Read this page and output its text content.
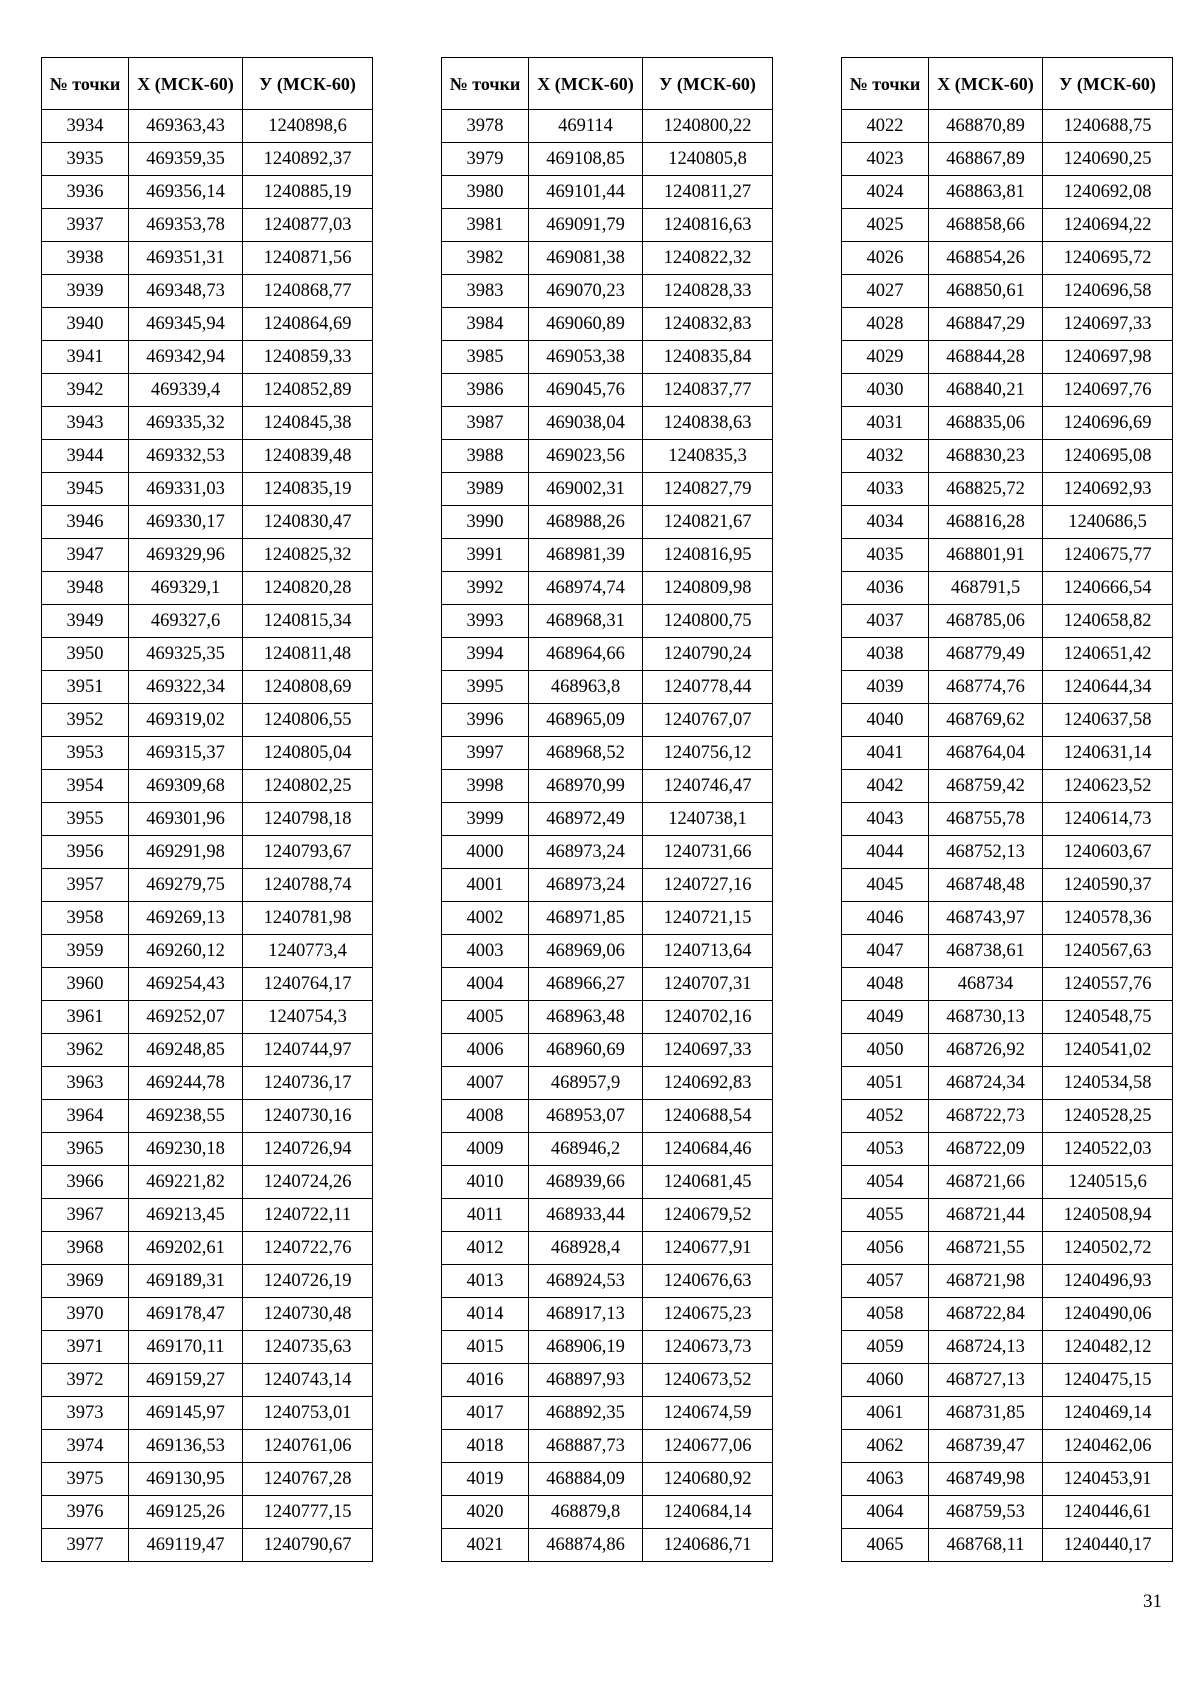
№ точки	X (МСК-60)	У (МСК-60)
3934	469363,43	1240898,6
3935	469359,35	1240892,37
3936	469356,14	1240885,19
3937	469353,78	1240877,03
3938	469351,31	1240871,56
3939	469348,73	1240868,77
3940	469345,94	1240864,69
3941	469342,94	1240859,33
3942	469339,4	1240852,89
3943	469335,32	1240845,38
3944	469332,53	1240839,48
3945	469331,03	1240835,19
3946	469330,17	1240830,47
3947	469329,96	1240825,32
3948	469329,1	1240820,28
3949	469327,6	1240815,34
3950	469325,35	1240811,48
3951	469322,34	1240808,69
3952	469319,02	1240806,55
3953	469315,37	1240805,04
3954	469309,68	1240802,25
3955	469301,96	1240798,18
3956	469291,98	1240793,67
3957	469279,75	1240788,74
3958	469269,13	1240781,98
3959	469260,12	1240773,4
3960	469254,43	1240764,17
3961	469252,07	1240754,3
3962	469248,85	1240744,97
3963	469244,78	1240736,17
3964	469238,55	1240730,16
3965	469230,18	1240726,94
3966	469221,82	1240724,26
3967	469213,45	1240722,11
3968	469202,61	1240722,76
3969	469189,31	1240726,19
3970	469178,47	1240730,48
3971	469170,11	1240735,63
3972	469159,27	1240743,14
3973	469145,97	1240753,01
3974	469136,53	1240761,06
3975	469130,95	1240767,28
3976	469125,26	1240777,15
3977	469119,47	1240790,67
№ точки	X (МСК-60)	У (МСК-60)
3978	469114	1240800,22
3979	469108,85	1240805,8
3980	469101,44	1240811,27
3981	469091,79	1240816,63
3982	469081,38	1240822,32
3983	469070,23	1240828,33
3984	469060,89	1240832,83
3985	469053,38	1240835,84
3986	469045,76	1240837,77
3987	469038,04	1240838,63
3988	469023,56	1240835,3
3989	469002,31	1240827,79
3990	468988,26	1240821,67
3991	468981,39	1240816,95
3992	468974,74	1240809,98
3993	468968,31	1240800,75
3994	468964,66	1240790,24
3995	468963,8	1240778,44
3996	468965,09	1240767,07
3997	468968,52	1240756,12
3998	468970,99	1240746,47
3999	468972,49	1240738,1
4000	468973,24	1240731,66
4001	468973,24	1240727,16
4002	468971,85	1240721,15
4003	468969,06	1240713,64
4004	468966,27	1240707,31
4005	468963,48	1240702,16
4006	468960,69	1240697,33
4007	468957,9	1240692,83
4008	468953,07	1240688,54
4009	468946,2	1240684,46
4010	468939,66	1240681,45
4011	468933,44	1240679,52
4012	468928,4	1240677,91
4013	468924,53	1240676,63
4014	468917,13	1240675,23
4015	468906,19	1240673,73
4016	468897,93	1240673,52
4017	468892,35	1240674,59
4018	468887,73	1240677,06
4019	468884,09	1240680,92
4020	468879,8	1240684,14
4021	468874,86	1240686,71
№ точки	X (МСК-60)	У (МСК-60)
4022	468870,89	1240688,75
4023	468867,89	1240690,25
4024	468863,81	1240692,08
4025	468858,66	1240694,22
4026	468854,26	1240695,72
4027	468850,61	1240696,58
4028	468847,29	1240697,33
4029	468844,28	1240697,98
4030	468840,21	1240697,76
4031	468835,06	1240696,69
4032	468830,23	1240695,08
4033	468825,72	1240692,93
4034	468816,28	1240686,5
4035	468801,91	1240675,77
4036	468791,5	1240666,54
4037	468785,06	1240658,82
4038	468779,49	1240651,42
4039	468774,76	1240644,34
4040	468769,62	1240637,58
4041	468764,04	1240631,14
4042	468759,42	1240623,52
4043	468755,78	1240614,73
4044	468752,13	1240603,67
4045	468748,48	1240590,37
4046	468743,97	1240578,36
4047	468738,61	1240567,63
4048	468734	1240557,76
4049	468730,13	1240548,75
4050	468726,92	1240541,02
4051	468724,34	1240534,58
4052	468722,73	1240528,25
4053	468722,09	1240522,03
4054	468721,66	1240515,6
4055	468721,44	1240508,94
4056	468721,55	1240502,72
4057	468721,98	1240496,93
4058	468722,84	1240490,06
4059	468724,13	1240482,12
4060	468727,13	1240475,15
4061	468731,85	1240469,14
4062	468739,47	1240462,06
4063	468749,98	1240453,91
4064	468759,53	1240446,61
4065	468768,11	1240440,17
31
